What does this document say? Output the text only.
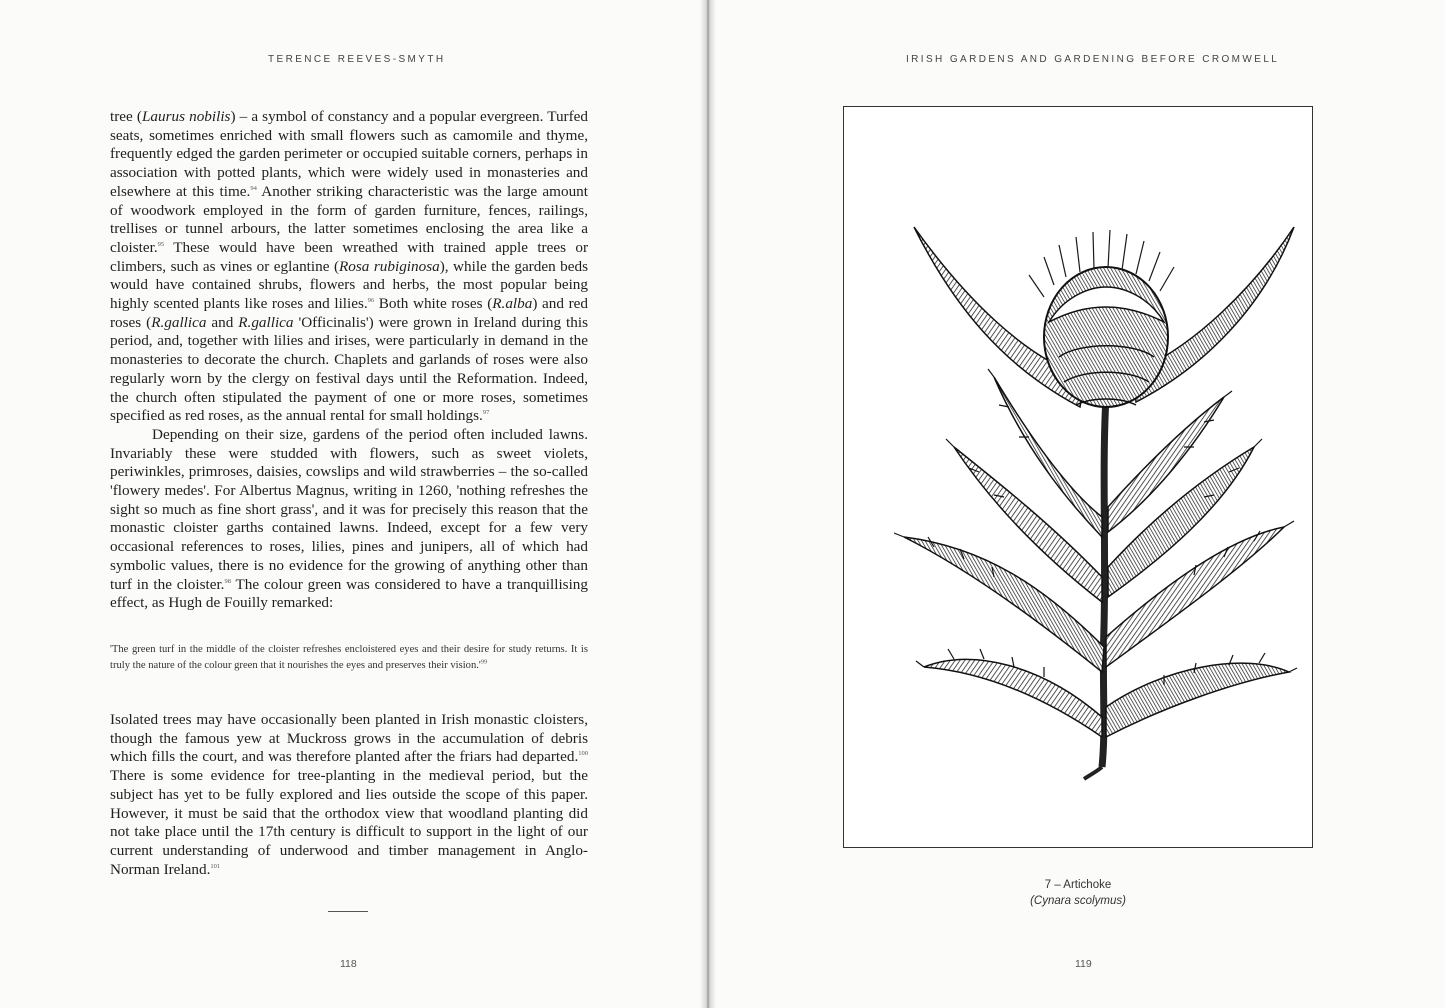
TERENCE REEVES-SMYTH

tree (Laurus nobilis) – a symbol of constancy and a popular evergreen. Turfed seats, sometimes enriched with small flowers such as camomile and thyme, frequently edged the garden perimeter or occupied suitable corners, perhaps in association with potted plants, which were widely used in monasteries and elsewhere at this time.$^{94}$ Another striking characteristic was the large amount of woodwork employed in the form of garden furniture, fences, railings, trellises or tunnel arbours, the latter sometimes enclosing the area like a cloister.$^{95}$ These would have been wreathed with trained apple trees or climbers, such as vines or eglantine (Rosa rubiginosa), while the garden beds would have contained shrubs, flowers and herbs, the most popular being highly scented plants like roses and lilies.$^{96}$ Both white roses (R.alba) and red roses (R.gallica and R.gallica 'Officinalis') were grown in Ireland during this period, and, together with lilies and irises, were particularly in demand in the monasteries to decorate the church. Chaplets and garlands of roses were also regularly worn by the clergy on festival days until the Reformation. Indeed, the church often stipulated the payment of one or more roses, sometimes specified as red roses, as the annual rental for small holdings.$^{97}$

Depending on their size, gardens of the period often included lawns. Invariably these were studded with flowers, such as sweet violets, periwinkles, primroses, daisies, cowslips and wild strawberries – the so-called 'flowery medes'. For Albertus Magnus, writing in 1260, 'nothing refreshes the sight so much as fine short grass', and it was for precisely this reason that the monastic cloister garths contained lawns. Indeed, except for a few very occasional references to roses, lilies, pines and junipers, all of which had symbolic values, there is no evidence for the growing of anything other than turf in the cloister.$^{98}$ The colour green was considered to have a tranquillising effect, as Hugh de Fouilly remarked:

'The green turf in the middle of the cloister refreshes encloistered eyes and their desire for study returns. It is truly the nature of the colour green that it nourishes the eyes and preserves their vision.'$^{99}$

Isolated trees may have occasionally been planted in Irish monastic cloisters, though the famous yew at Muckross grows in the accumulation of debris which fills the court, and was therefore planted after the friars had departed.$^{100}$ There is some evidence for tree-planting in the medieval period, but the subject has yet to be fully explored and lies outside the scope of this paper. However, it must be said that the orthodox view that woodland planting did not take place until the 17th century is difficult to support in the light of our current understanding of underwood and timber management in Anglo-Norman Ireland.$^{101}$

118
IRISH GARDENS AND GARDENING BEFORE CROMWELL
7 – Artichoke
(Cynara scolymus)
119
